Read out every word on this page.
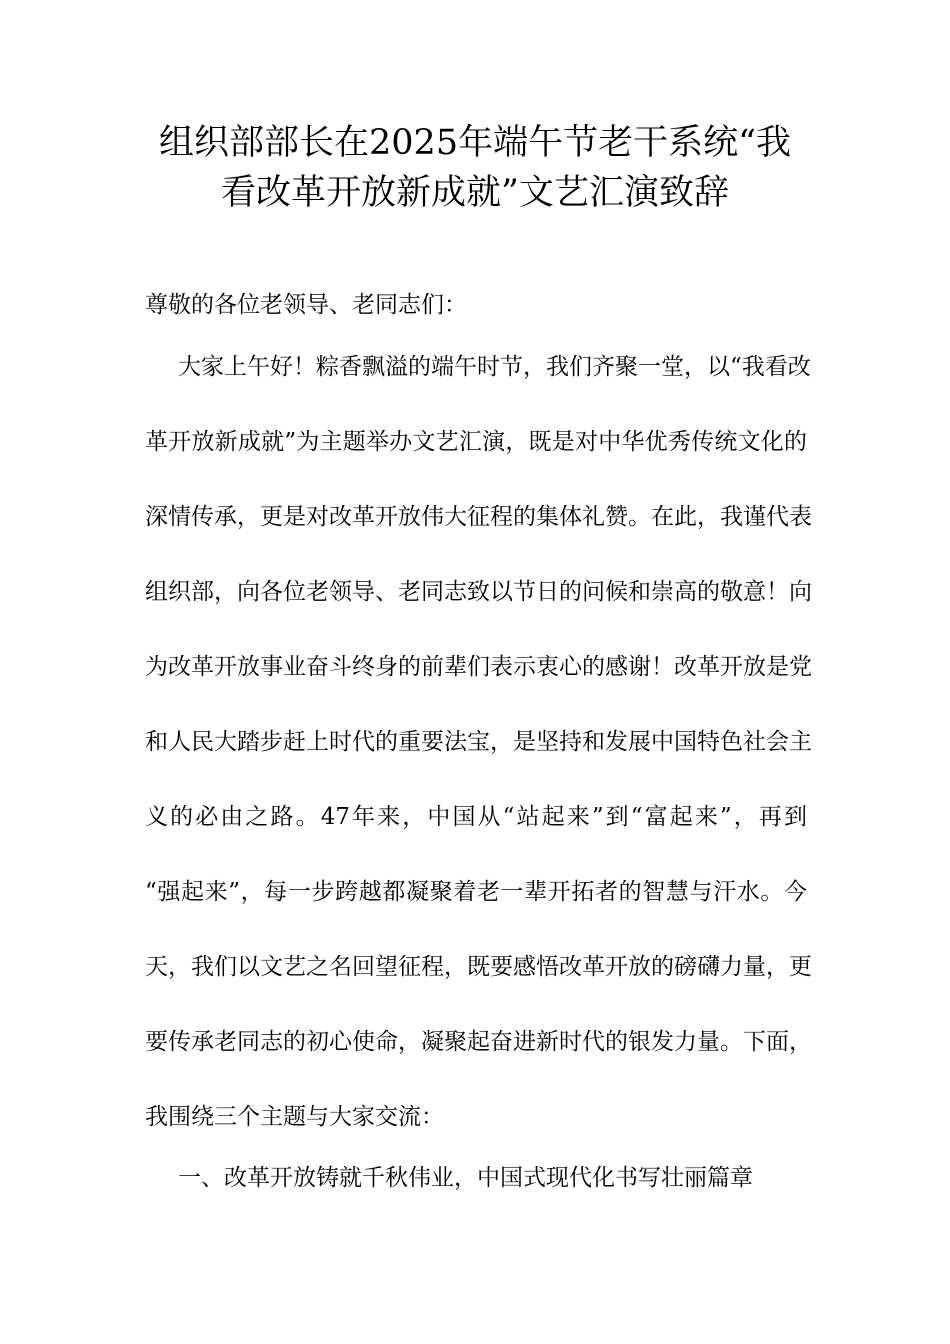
组织部部长在2025年端午节老干系统“我
看改革开放新成就”文艺汇演致辞

尊敬的各位老领导、老同志们：

大家上午好！粽香飘溢的端午时节，我们齐聚一堂，以“我看改

革开放新成就”为主题举办文艺汇演，既是对中华优秀传统文化的

深情传承，更是对改革开放伟大征程的集体礼赞。在此，我谨代表

组织部，向各位老领导、老同志致以节日的问候和崇高的敬意！向

为改革开放事业奋斗终身的前辈们表示衷心的感谢！改革开放是党

和人民大踏步赶上时代的重要法宝，是坚持和发展中国特色社会主

义的必由之路。47年来，中国从“站起来”到“富起来”，再到

“强起来”，每一步跨越都凝聚着老一辈开拓者的智慧与汗水。今

天，我们以文艺之名回望征程，既要感悟改革开放的磅礴力量，更

要传承老同志的初心使命，凝聚起奋进新时代的银发力量。下面，

我围绕三个主题与大家交流：

一、改革开放铸就千秋伟业，中国式现代化书写壮丽篇章
